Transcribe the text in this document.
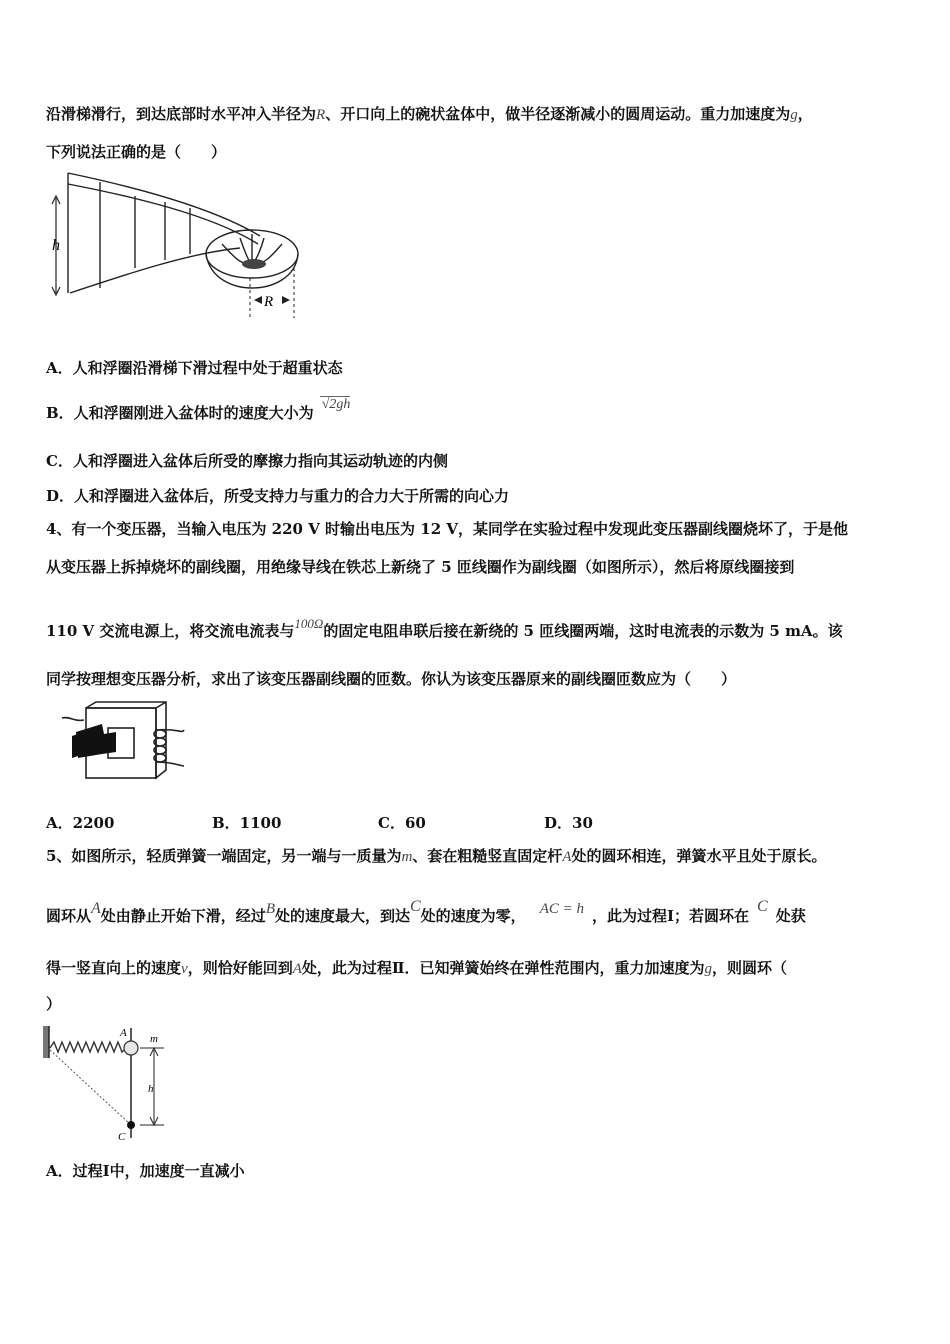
沿滑梯滑行，到达底部时水平冲入半径为R、开口向上的碗状盆体中，做半径逐渐减小的圆周运动。重力加速度为g，
下列说法正确的是（　　）
h
R
A．人和浮圈沿滑梯下滑过程中处于超重状态
B．人和浮圈刚进入盆体时的速度大小为 √2gh
C．人和浮圈进入盆体后所受的摩擦力指向其运动轨迹的内侧
D．人和浮圈进入盆体后，所受支持力与重力的合力大于所需的向心力
4、有一个变压器，当输入电压为 220 V 时输出电压为 12 V，某同学在实验过程中发现此变压器副线圈烧坏了，于是他
从变压器上拆掉烧坏的副线圈，用绝缘导线在铁芯上新绕了 5 匝线圈作为副线圈（如图所示），然后将原线圈接到
110 V 交流电源上，将交流电流表与100Ω的固定电阻串联后接在新绕的 5 匝线圈两端，这时电流表的示数为 5 mA。该
同学按理想变压器分析，求出了该变压器副线圈的匝数。你认为该变压器原来的副线圈匝数应为（　　）
A．2200	B．1100	C．60	D．30
5、如图所示，轻质弹簧一端固定，另一端与一质量为m、套在粗糙竖直固定杆A处的圆环相连，弹簧水平且处于原长。
圆环从A处由静止开始下滑，经过B处的速度最大，到达C处的速度为零， AC = h ，此为过程Ⅰ；若圆环在C处获
得一竖直向上的速度v，则恰好能回到A处，此为过程Ⅱ．已知弹簧始终在弹性范围内，重力加速度为g，则圆环（
）
A m
h
C
A．过程Ⅰ中，加速度一直减小
